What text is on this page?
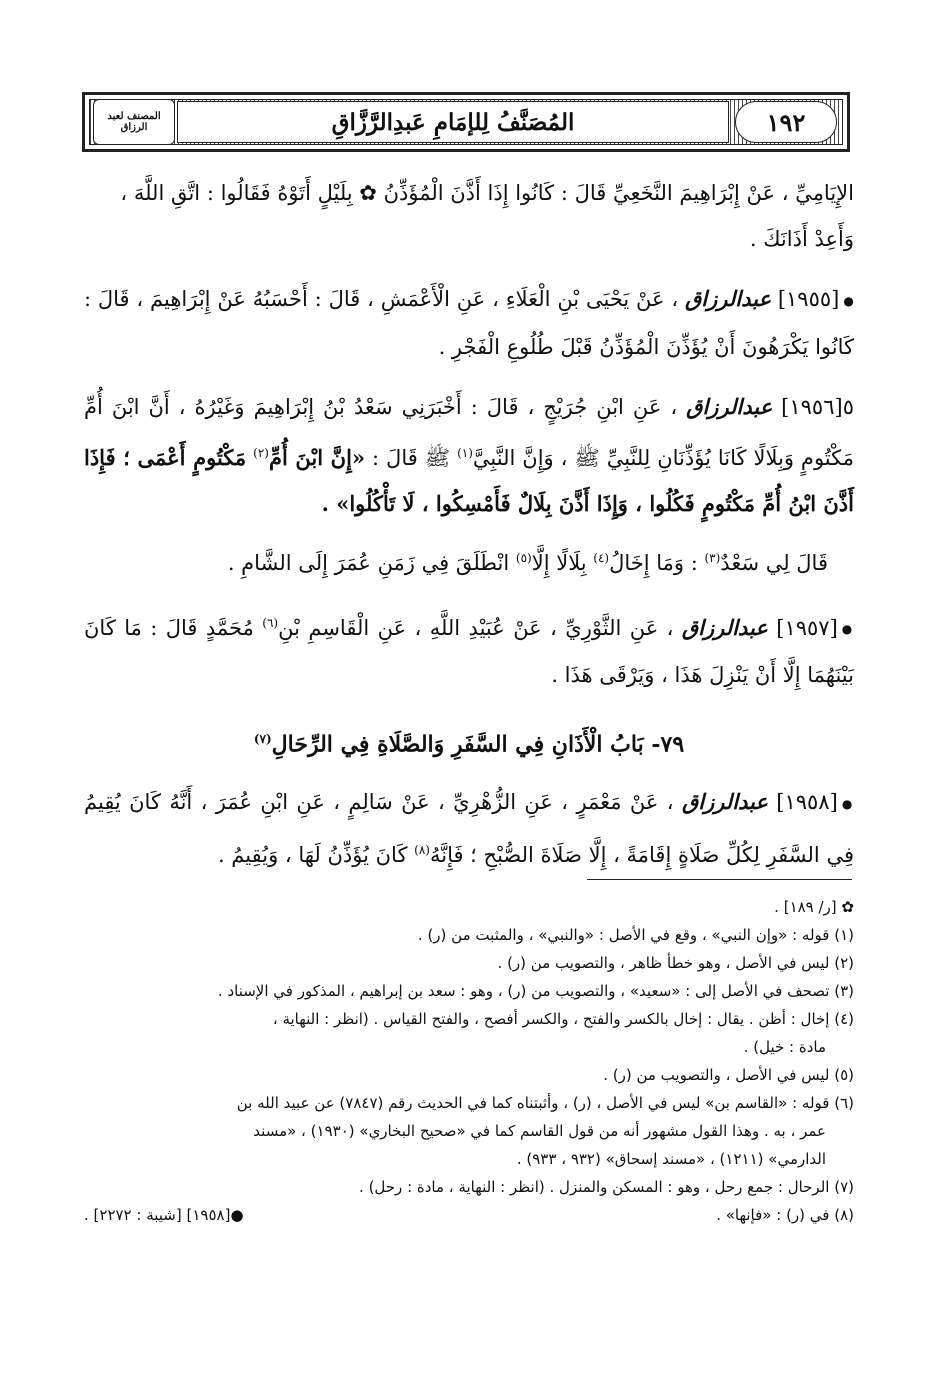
١٩٢
المُصَنَّفُ لِلإمَامِ عَبدِالرَّزَّاقِ
المصنف لعبد الرزاق

الإِيَامِيِّ ، عَنْ إِبْرَاهِيمَ النَّخَعِيِّ قَالَ : كَانُوا إِذَا أَذَّنَ الْمُؤَذِّنُ ✿ بِلَيْلٍ أَتَوْهُ فَقَالُوا : اتَّقِ اللَّهَ ،

وَأَعِدْ أَذَانَكَ .

●[١٩٥٥] عبدالرزاق ، عَنْ يَحْيَى بْنِ الْعَلَاءِ ، عَنِ الْأَعْمَشِ ، قَالَ : أَحْسَبُهُ عَنْ إِبْرَاهِيمَ ، قَالَ : كَانُوا يَكْرَهُونَ أَنْ يُؤَذِّنَ الْمُؤَذِّنُ قَبْلَ طُلُوعِ الْفَجْرِ .

٥[١٩٥٦] عبدالرزاق ، عَنِ ابْنِ جُرَيْجٍ ، قَالَ : أَخْبَرَنِي سَعْدُ بْنُ إِبْرَاهِيمَ وَغَيْرُهُ ، أَنَّ ابْنَ أُمِّ مَكْتُومٍ وَبِلَالًا كَانَا يُؤَذِّنَانِ لِلنَّبِيِّ ﷺ ، وَإِنَّ النَّبِيَّ$^{(١)}$ ﷺ قَالَ : «إِنَّ ابْنَ أُمِّ$^{(٢)}$ مَكْتُومٍ أَعْمَى ؛ فَإِذَا أَذَّنَ ابْنُ أُمِّ مَكْتُومٍ فَكُلُوا ، وَإِذَا أَذَّنَ بِلَالٌ فَأَمْسِكُوا ، لَا تَأْكُلُوا» .

قَالَ لِي سَعْدٌ$^{(٣)}$ : وَمَا إِخَالُ$^{(٤)}$ بِلَالًا إِلَّا$^{(٥)}$ انْطَلَقَ فِي زَمَنِ عُمَرَ إِلَى الشَّامِ .

●[١٩٥٧] عبدالرزاق ، عَنِ الثَّوْرِيِّ ، عَنْ عُبَيْدِ اللَّهِ ، عَنِ الْقَاسِمِ بْنِ$^{(٦)}$ مُحَمَّدٍ قَالَ : مَا كَانَ بَيْنَهُمَا إِلَّا أَنْ يَنْزِلَ هَذَا ، وَيَرْقَى هَذَا .

٧٩- بَابُ الْأَذَانِ فِي السَّفَرِ وَالصَّلَاةِ فِي الرِّحَالِ$^{(٧)}$

●[١٩٥٨] عبدالرزاق ، عَنْ مَعْمَرٍ ، عَنِ الزُّهْرِيِّ ، عَنْ سَالِمٍ ، عَنِ ابْنِ عُمَرَ ، أَنَّهُ كَانَ يُقِيمُ فِي السَّفَرِ لِكُلِّ صَلَاةٍ إِقَامَةً ، إِلَّا صَلَاةَ الصُّبْحِ ؛ فَإِنَّهُ$^{(٨)}$ كَانَ يُؤَذِّنُ لَهَا ، وَيُقِيمُ .

✿ [ر/ ١٨٩] .

(١) قوله : «وإن النبي» ، وقع في الأصل : «والنبي» ، والمثبت من (ر) .

(٢) ليس في الأصل ، وهو خطأ ظاهر ، والتصويب من (ر) .

(٣) تصحف في الأصل إلى : «سعيد» ، والتصويب من (ر) ، وهو : سعد بن إبراهيم ، المذكور في الإسناد .

(٤) إخال : أظن . يقال : إخال بالكسر والفتح ، والكسر أفصح ، والفتح القياس . (انظر : النهاية ،

مادة : خيل) .

(٥) ليس في الأصل ، والتصويب من (ر) .

(٦) قوله : «القاسم بن» ليس في الأصل ، (ر) ، وأثبتناه كما في الحديث رقم (٧٨٤٧) عن عبيد الله بن

عمر ، به . وهذا القول مشهور أنه من قول القاسم كما في «صحيح البخاري» (١٩٣٠) ، «مسند

الدارمي» (١٢١١) ، «مسند إسحاق» (٩٣٢ ، ٩٣٣) .

(٧) الرحال : جمع رحل ، وهو : المسكن والمنزل . (انظر : النهاية ، مادة : رحل) .

(٨) في (ر) : «فإنها» .
●[١٩٥٨] [شيبة : ٢٢٧٢] .
